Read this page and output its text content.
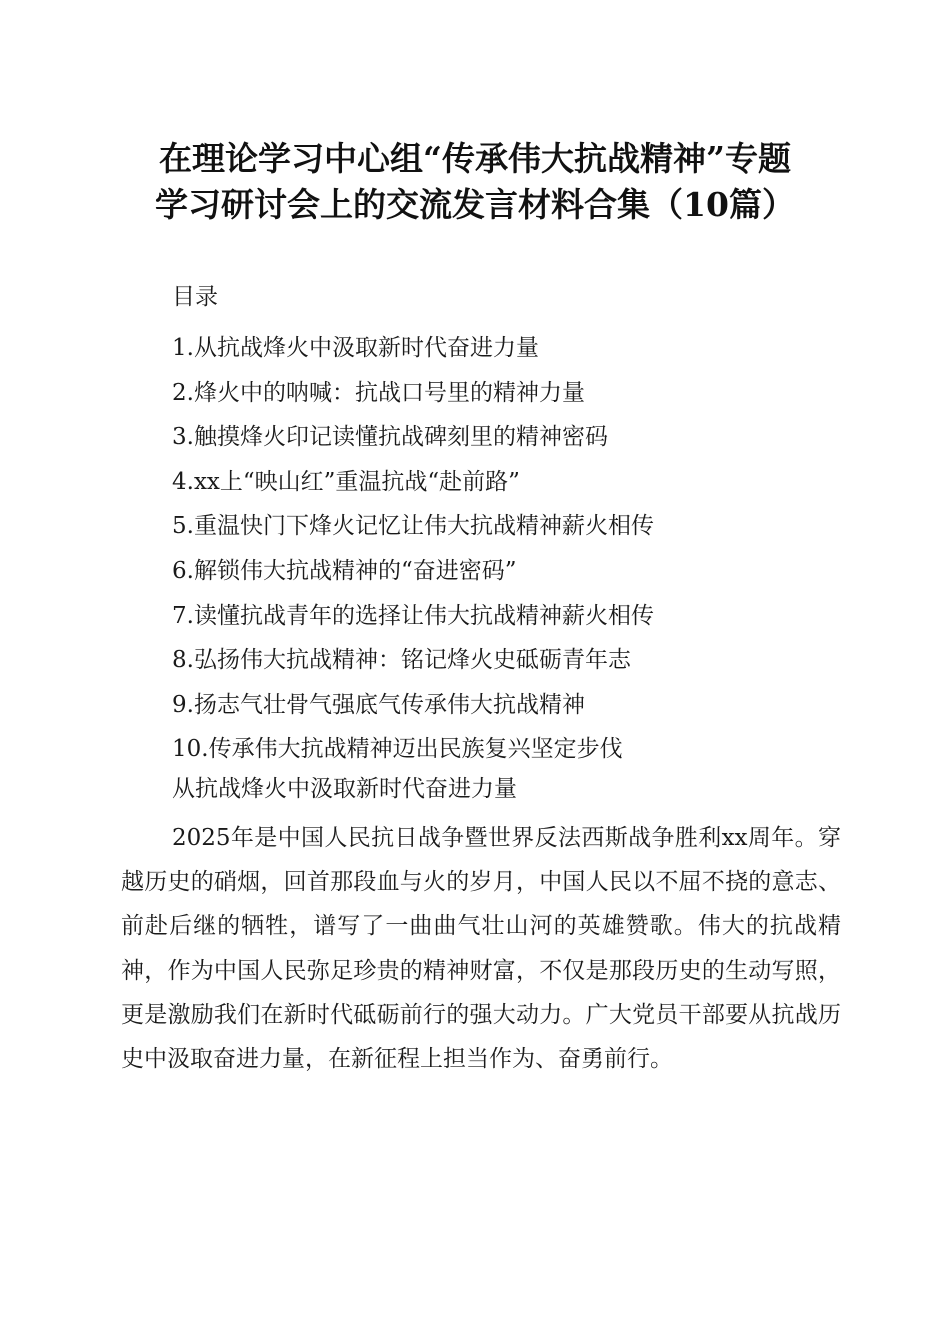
在理论学习中心组“传承伟大抗战精神”专题
学习研讨会上的交流发言材料合集（10篇）
目录
1.从抗战烽火中汲取新时代奋进力量
2.烽火中的呐喊：抗战口号里的精神力量
3.触摸烽火印记读懂抗战碑刻里的精神密码
4.xx上“映山红”重温抗战“赴前路”
5.重温快门下烽火记忆让伟大抗战精神薪火相传
6.解锁伟大抗战精神的“奋进密码”
7.读懂抗战青年的选择让伟大抗战精神薪火相传
8.弘扬伟大抗战精神：铭记烽火史砥砺青年志
9.扬志气壮骨气强底气传承伟大抗战精神
10.传承伟大抗战精神迈出民族复兴坚定步伐
从抗战烽火中汲取新时代奋进力量

2025年是中国人民抗日战争暨世界反法西斯战争胜利xx周年。穿越历史的硝烟，回首那段血与火的岁月，中国人民以不屈不挠的意志、前赴后继的牺牲，谱写了一曲曲气壮山河的英雄赞歌。伟大的抗战精神，作为中国人民弥足珍贵的精神财富，不仅是那段历史的生动写照，更是激励我们在新时代砥砺前行的强大动力。广大党员干部要从抗战历史中汲取奋进力量，在新征程上担当作为、奋勇前行。
